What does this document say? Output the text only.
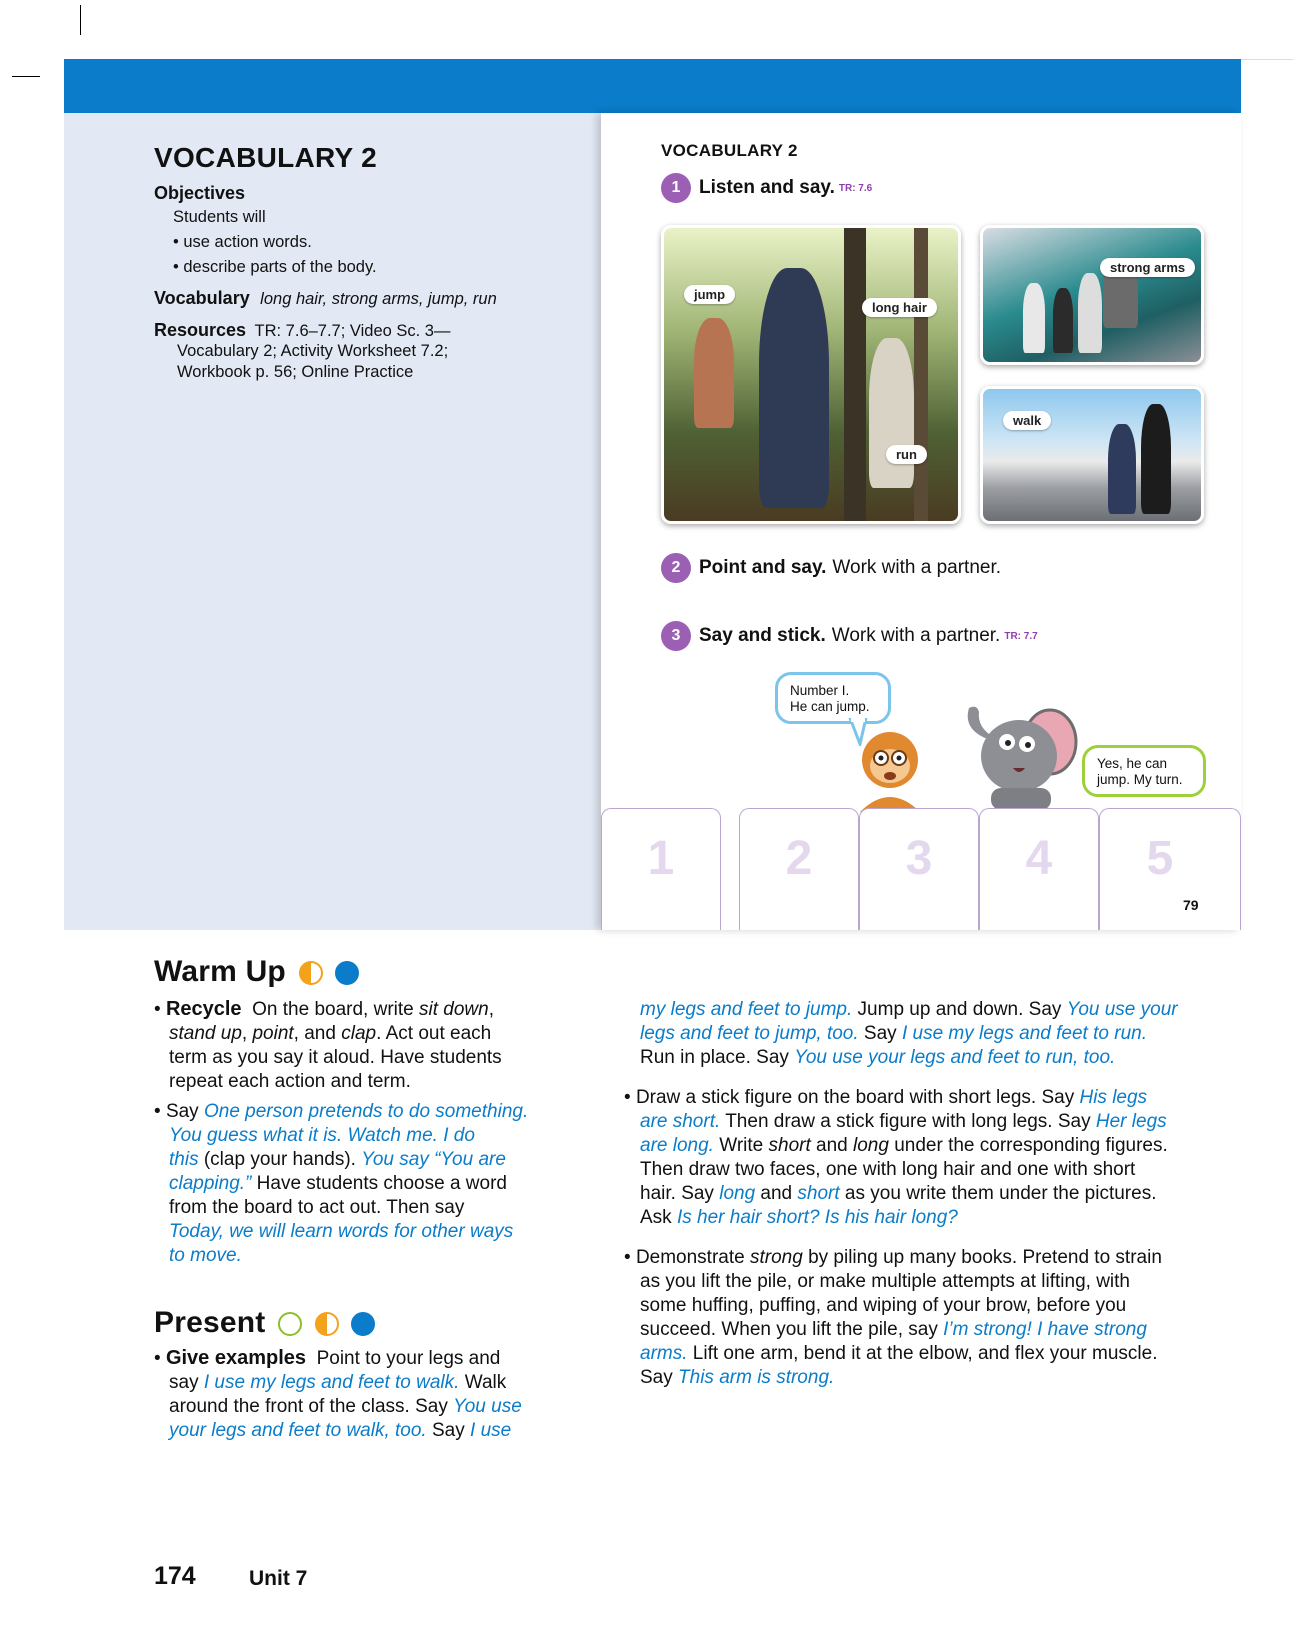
VOCABULARY 2
Objectives
Students will
• use action words.
• describe parts of the body.
Vocabulary long hair, strong arms, jump, run
Resources TR: 7.6–7.7; Video Sc. 3—
Vocabulary 2; Activity Worksheet 7.2;
Workbook p. 56; Online Practice
VOCABULARY 2
1 Listen and say. TR: 7.6
jump
long hair
run
strong arms
walk
2 Point and say. Work with a partner.
3 Say and stick. Work with a partner. TR: 7.7
Number I.
He can jump.
Yes, he can
jump. My turn.
1	2	3	4	5
79
Warm Up
• Recycle On the board, write sit down,
stand up, point, and clap. Act out each
term as you say it aloud. Have students
repeat each action and term.
• Say One person pretends to do something.
You guess what it is. Watch me. I do
this (clap your hands). You say “You are
clapping.” Have students choose a word
from the board to act out. Then say
Today, we will learn words for other ways
to move.
Present
• Give examples Point to your legs and
say I use my legs and feet to walk. Walk
around the front of the class. Say You use
your legs and feet to walk, too. Say I use
my legs and feet to jump. Jump up and down. Say You use your
legs and feet to jump, too. Say I use my legs and feet to run.
Run in place. Say You use your legs and feet to run, too.
• Draw a stick figure on the board with short legs. Say His legs
are short. Then draw a stick figure with long legs. Say Her legs
are long. Write short and long under the corresponding figures.
Then draw two faces, one with long hair and one with short
hair. Say long and short as you write them under the pictures.
Ask Is her hair short? Is his hair long?
• Demonstrate strong by piling up many books. Pretend to strain
as you lift the pile, or make multiple attempts at lifting, with
some huffing, puffing, and wiping of your brow, before you
succeed. When you lift the pile, say I’m strong! I have strong
arms. Lift one arm, bend it at the elbow, and flex your muscle.
Say This arm is strong.
174	Unit 7
